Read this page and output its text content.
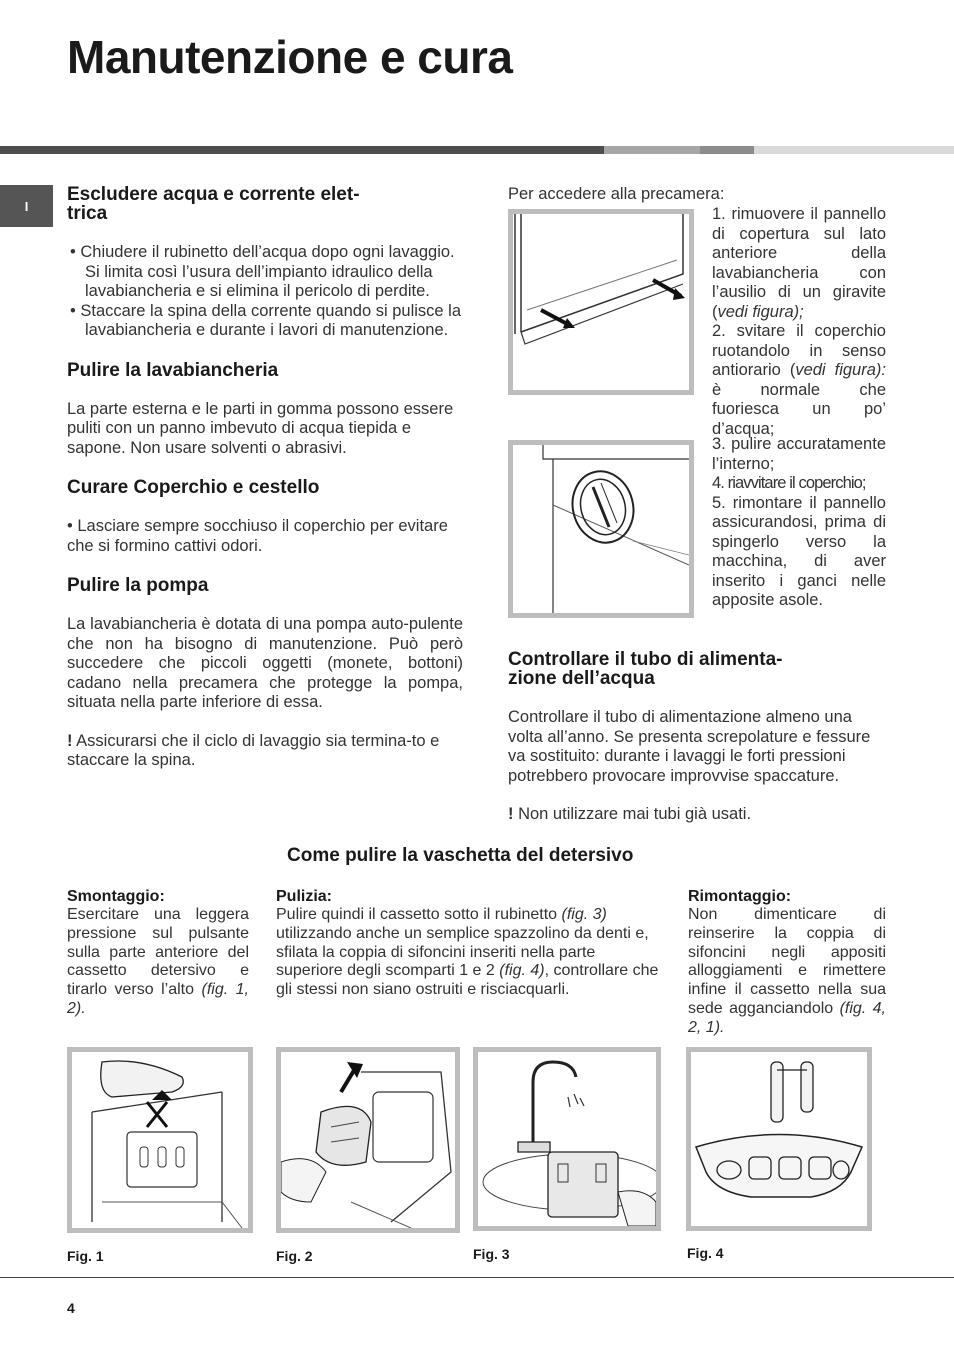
Manutenzione e cura
I

Escludere acqua e corrente elet-
trica

• Chiudere il rubinetto dell’acqua dopo ogni lavaggio. Si limita così l’usura dell’impianto idraulico della lavabiancheria e si elimina il pericolo di perdite.

• Staccare la spina della corrente quando si pulisce la lavabiancheria e durante i lavori di manutenzione.

Pulire la lavabiancheria

La parte esterna e le parti in gomma possono essere puliti con un panno imbevuto di acqua tiepida e sapone. Non usare solventi o abrasivi.

Curare Coperchio e cestello

• Lasciare sempre socchiuso il coperchio per evitare che si formino cattivi odori.

Pulire la pompa

La lavabiancheria è dotata di una pompa auto-pulente che non ha bisogno di manutenzione. Può però succedere che piccoli oggetti (monete, bottoni) cadano nella precamera che protegge la pompa, situata nella parte inferiore di essa.

! Assicurarsi che il ciclo di lavaggio sia termina-to e staccare la spina.

Per accedere alla precamera:

1. rimuovere il pannello di copertura sul lato anteriore della lavabiancheria con l’ausilio di un giravite (vedi figura);

2. svitare il coperchio ruotandolo in senso antiorario (vedi figura): è normale che fuoriesca un po’ d’acqua;

3. pulire accuratamente l’interno;

4. riavvitare il coperchio;

5. rimontare il pannello assicurandosi, prima di spingerlo verso la macchina, di aver inserito i ganci nelle apposite asole.

Controllare il tubo di alimenta-
zione dell’acqua

Controllare il tubo di alimentazione almeno una volta all’anno. Se presenta screpolature e fessure va sostituito: durante i lavaggi le forti pressioni potrebbero provocare improvvise spaccature.

! Non utilizzare mai tubi già usati.

Come pulire la vaschetta del detersivo

Smontaggio:

Esercitare una leggera pressione sul pulsante sulla parte anteriore del cassetto detersivo e tirarlo verso l’alto (fig. 1, 2).

Pulizia:

Pulire quindi il cassetto sotto il rubinetto (fig. 3) utilizzando anche un semplice spazzolino da denti e, sfilata la coppia di sifoncini inseriti nella parte superiore degli scomparti 1 e 2 (fig. 4), controllare che gli stessi non siano ostruiti e risciacquarli.

Rimontaggio:

Non dimenticare di reinserire la coppia di sifoncini negli appositi alloggiamenti e rimettere infine il cassetto nella sua sede agganciandolo (fig. 4, 2, 1).

Fig. 1	Fig. 2	Fig. 3	Fig. 4
4
